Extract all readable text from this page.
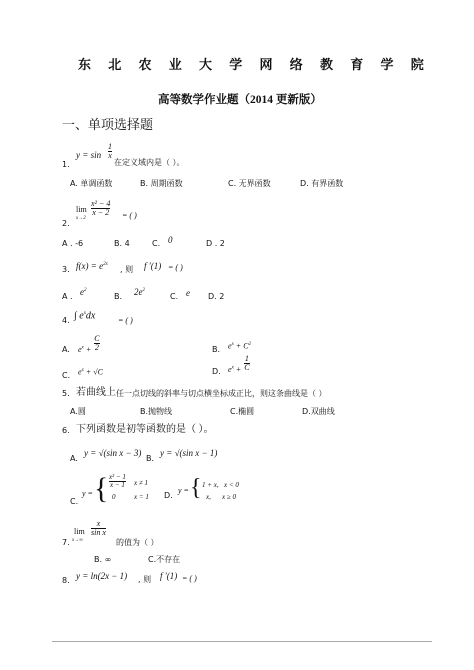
东 北 农 业 大 学 网 络 教 育 学 院
高等数学作业题（2014 更新版）
一、单项选择题
1.
y = sin
1
x
在定义域内是（ ）。
A. 单调函数	B. 周期函数	C. 无界函数	D. 有界函数
2.
lim
x→2
x² − 4
x − 2 = ( )
A . -6	B. 4	C. 0	D . 2
3. $f(x) = e^{2x}$
, 则 f ′(1) = ( )
A . $e^2$
B. $2e^2$
C. e D. 2
4. ∫ $e^xdx$	= ( )
A. $e^x + \frac{C}{2}$	B. $e^x + C^2$
C. $e^x + √C$	D. $e^x + \frac{1}{C}$
5. 若曲线上 任一点切线的斜率与切点横坐标成正比，则这条曲线是（ ）
A.圆	B.抛物线	C.椭圆	D.双曲线
6. 下列函数是初等函数的是（ ）。
A.
y = √(sin x − 3)
B.
y = √(sin x − 1)
C.
y = { x² − 1
x − 1 x ≠ 1
0	x = 1 D.
y = { 1 + x, x < 0
x, x ≥ 0
lim
x→∞
x
sin x
7.	的值为（ ）
B. ∞	C.不存在
8. y = ln(2x − 1) , 则 f ′(1) = ( )
